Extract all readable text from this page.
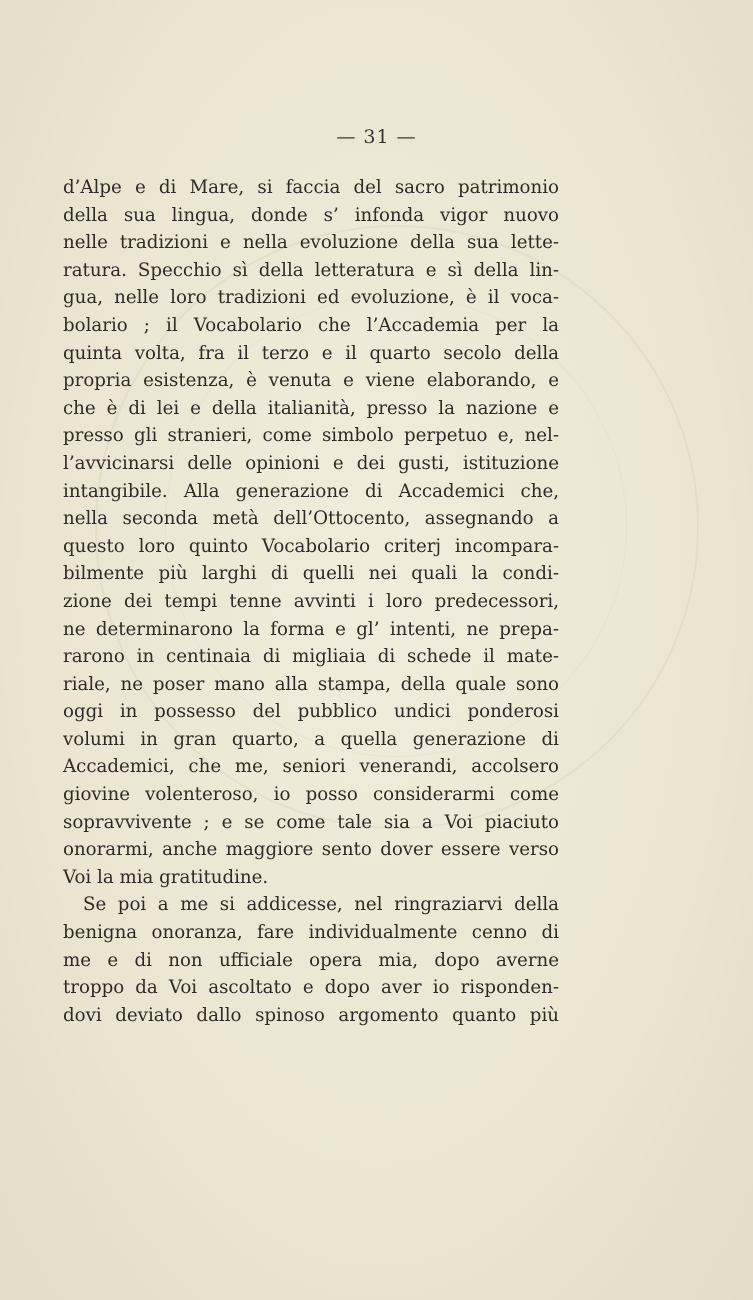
— 31 —

d’Alpe e di Mare, si faccia del sacro patrimonio

della sua lingua, donde s’ infonda vigor nuovo

nelle tradizioni e nella evoluzione della sua lette-

ratura. Specchio sì della letteratura e sì della lin-

gua, nelle loro tradizioni ed evoluzione, è il voca-

bolario ; il Vocabolario che l’Accademia per la

quinta volta, fra il terzo e il quarto secolo della

propria esistenza, è venuta e viene elaborando, e

che è di lei e della italianità, presso la nazione e

presso gli stranieri, come simbolo perpetuo e, nel-

l’avvicinarsi delle opinioni e dei gusti, istituzione

intangibile. Alla generazione di Accademici che,

nella seconda metà dell’Ottocento, assegnando a

questo loro quinto Vocabolario criterj incompara-

bilmente più larghi di quelli nei quali la condi-

zione dei tempi tenne avvinti i loro predecessori,

ne determinarono la forma e gl’ intenti, ne prepa-

rarono in centinaia di migliaia di schede il mate-

riale, ne poser mano alla stampa, della quale sono

oggi in possesso del pubblico undici ponderosi

volumi in gran quarto, a quella generazione di

Accademici, che me, seniori venerandi, accolsero

giovine volenteroso, io posso considerarmi come

sopravvivente ; e se come tale sia a Voi piaciuto

onorarmi, anche maggiore sento dover essere verso

Voi la mia gratitudine.

Se poi a me si addicesse, nel ringraziarvi della

benigna onoranza, fare individualmente cenno di

me e di non ufficiale opera mia, dopo averne

troppo da Voi ascoltato e dopo aver io risponden-

dovi deviato dallo spinoso argomento quanto più
